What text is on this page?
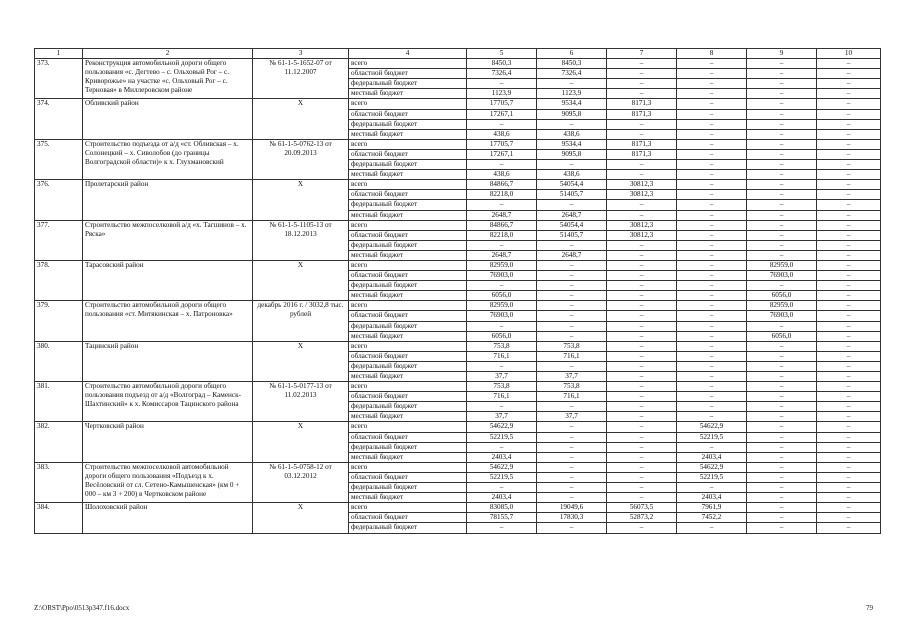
1	2	3	4	5	6	7	8	9	10
373.	Реконструкция автомобильной дороги общего пользования «с. Дегтево – с. Ольховый Рог – с. Криворожье» на участке «с. Ольховый Рог – с. Терновая» в Миллеровском районе	№ 61-1-5-1652-07 от 11.12.2007	всего	8450,3	8450,3	–	–	–	–
			областной бюджет	7326,4	7326,4	–	–	–	–
			федеральный бюджет	–	–	–	–	–	–
			местный бюджет	1123,9	1123,9	–	–	–	–
374.	Обливский район	Х	всего	17705,7	9534,4	8171,3	–	–	–
			областной бюджет	17267,1	9095,8	8171,3	–	–	–
			федеральный бюджет	–	–	–	–	–	–
			местный бюджет	438,6	438,6	–	–	–	–
375.	Строительство подъезда от а/д «ст. Обливская – х. Солонецкий – х. Сиволобов (до границы Волгоградской области)» к х. Глухмановский	№ 61-1-5-0762-13 от 20.09.2013	всего	17705,7	9534,4	8171,3	–	–	–
			областной бюджет	17267,1	9095,8	8171,3	–	–	–
			федеральный бюджет	–	–	–	–	–	–
			местный бюджет	438,6	438,6	–	–	–	–
376.	Пролетарский район	Х	всего	84866,7	54054,4	30812,3	–	–	–
			областной бюджет	82218,0	51405,7	30812,3	–	–	–
			федеральный бюджет	–	–	–	–	–	–
			местный бюджет	2648,7	2648,7	–	–	–	–
377.	Строительство межпоселковой а/д «х. Тагшинов – х. Ряска»	№ 61-1-5-1105-13 от 18.12.2013	всего	84866,7	54054,4	30812,3	–	–	–
			областной бюджет	82218,0	51405,7	30812,3	–	–	–
			федеральный бюджет	–	–	–	–	–	–
			местный бюджет	2648,7	2648,7	–	–	–	–
378.	Тарасовский район	Х	всего	82959,0	–	–	–	82959,0	–
			областной бюджет	76903,0	–	–	–	76903,0	–
			федеральный бюджет	–	–	–	–	–	–
			местный бюджет	6056,0	–	–	–	6056,0	–
379.	Строительство автомобильной дороги общего пользования «ст. Митякинская – х. Патроновка»	декабрь 2016 г. / 3032,8 тыс. рублей	всего	82959,0	–	–	–	82959,0	–
			областной бюджет	76903,0	–	–	–	76903,0	–
			федеральный бюджет	–	–	–	–	–	–
			местный бюджет	6056,0	–	–	–	6056,0	–
380.	Тацинский район	Х	всего	753,8	753,8	–	–	–	–
			областной бюджет	716,1	716,1	–	–	–	–
			федеральный бюджет	–	–	–	–	–	–
			местный бюджет	37,7	37,7	–	–	–	–
381.	Строительство автомобильной дороги общего пользования подъезд от а/д «Волгоград – Каменск-Шахтинский» к х. Комиссаров Тацинского района	№ 61-1-5-0177-13 от 11.02.2013	всего	753,8	753,8	–	–	–	–
			областной бюджет	716,1	716,1	–	–	–	–
			федеральный бюджет	–	–	–	–	–	–
			местный бюджет	37,7	37,7	–	–	–	–
382.	Чертковский район	Х	всего	54622,9	–	–	54622,9	–	–
			областной бюджет	52219,5	–	–	52219,5	–	–
			федеральный бюджет	–	–	–	–	–	–
			местный бюджет	2403,4	–	–	2403,4	–	–
383.	Строительство межпоселковой автомобильной дороги общего пользования «Подъезд к х. Весёловский от сл. Сетено-Камышенская» (км 0 + 000 – км 3 + 200) в Чертковском районе	№ 61-1-5-0758-12 от 03.12.2012	всего	54622,9	–	–	54622,9	–	–
			областной бюджет	52219,5	–	–	52219,5	–	–
			федеральный бюджет	–	–	–	–	–	–
			местный бюджет	2403,4	–	–	2403,4	–	–
384.	Шолоховский район	Х	всего	83085,0	19049,6	56073,5	7961,9	–	–
			областной бюджет	78155,7	17830,3	52873,2	7452,2	–	–
			федеральный бюджет	–	–	–	–	–	–
Z:\ORST\Ppo\0513p347.f16.docx	79
